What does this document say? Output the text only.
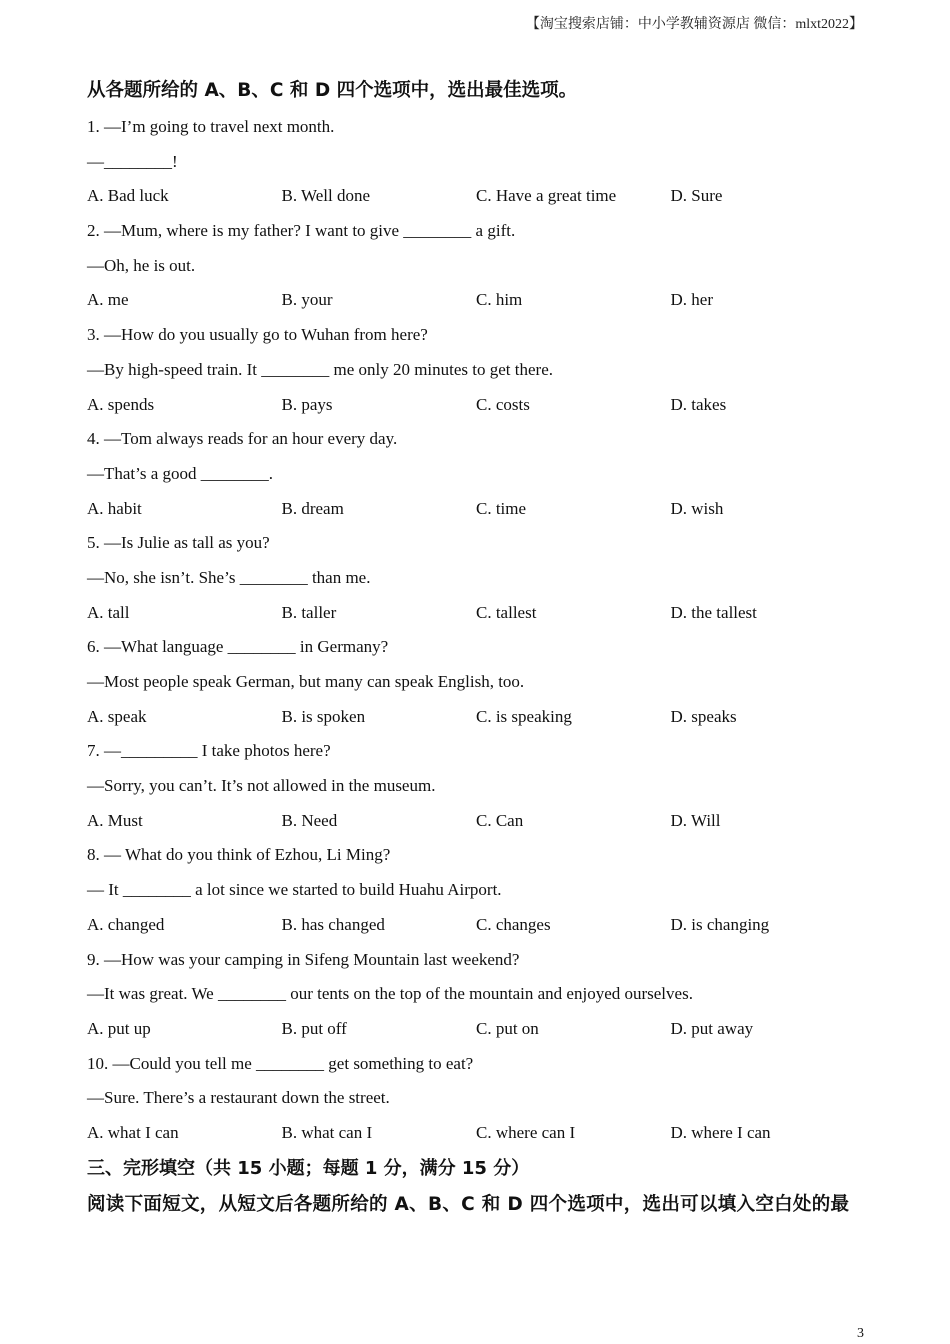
【淘宝搜索店铺：中小学教辅资源店 微信：mlxt2022】
从各题所给的 A、B、C 和 D 四个选项中，选出最佳选项。
1. —I’m going to travel next month.
—________!
A. Bad luck	B. Well done	C. Have a great time	D. Sure
2. —Mum, where is my father? I want to give ________ a gift.
—Oh, he is out.
A. me	B. your	C. him	D. her
3. —How do you usually go to Wuhan from here?
—By high-speed train. It ________ me only 20 minutes to get there.
A. spends	B. pays	C. costs	D. takes
4. —Tom always reads for an hour every day.
—That’s a good ________.
A. habit	B. dream	C. time	D. wish
5. —Is Julie as tall as you?
—No, she isn’t. She’s ________ than me.
A. tall	B. taller	C. tallest	D. the tallest
6. —What language ________ in Germany?
—Most people speak German, but many can speak English, too.
A. speak	B. is spoken	C. is speaking	D. speaks
7. —_________ I take photos here?
—Sorry, you can’t. It’s not allowed in the museum.
A. Must	B. Need	C. Can	D. Will
8. — What do you think of Ezhou, Li Ming?
— It ________ a lot since we started to build Huahu Airport.
A. changed	B. has changed	C. changes	D. is changing
9. —How was your camping in Sifeng Mountain last weekend?
—It was great. We ________ our tents on the top of the mountain and enjoyed ourselves.
A. put up	B. put off	C. put on	D. put away
10. —Could you tell me ________ get something to eat?
—Sure. There’s a restaurant down the street.
A. what I can	B. what can I	C. where can I	D. where I can
三、完形填空（共 15 小题；每题 1 分，满分 15 分）
阅读下面短文，从短文后各题所给的 A、B、C 和 D 四个选项中，选出可以填入空白处的最
3
